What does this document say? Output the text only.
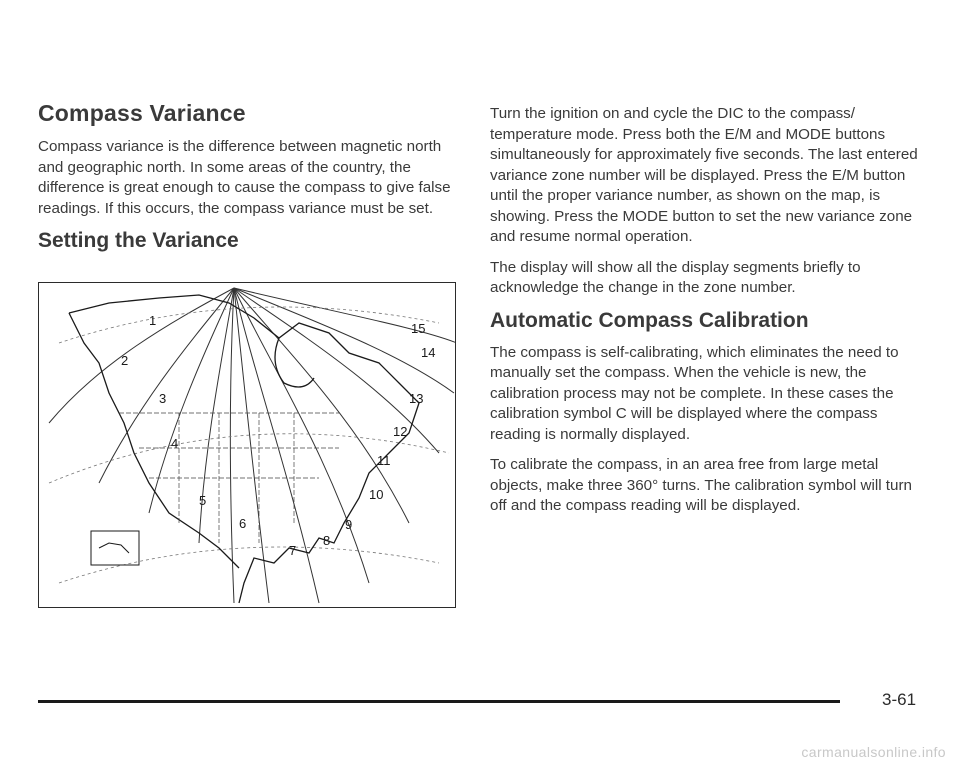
Compass Variance

Compass variance is the difference between magnetic north and geographic north. In some areas of the country, the difference is great enough to cause the compass to give false readings. If this occurs, the compass variance must be set.

Setting the Variance
1
2
3
4
5
6
7
8
9
10
11
12
13
14
15

Turn the ignition on and cycle the DIC to the compass/ temperature mode. Press both the E/M and MODE buttons simultaneously for approximately five seconds. The last entered variance zone number will be displayed. Press the E/M button until the proper variance number, as shown on the map, is showing. Press the MODE button to set the new variance zone and resume normal operation.

The display will show all the display segments briefly to acknowledge the change in the zone number.

Automatic Compass Calibration

The compass is self-calibrating, which eliminates the need to manually set the compass. When the vehicle is new, the calibration process may not be complete. In these cases the calibration symbol C will be displayed where the compass reading is normally displayed.

To calibrate the compass, in an area free from large metal objects, make three 360° turns. The calibration symbol will turn off and the compass reading will be displayed.

3-61
carmanualsonline.info
